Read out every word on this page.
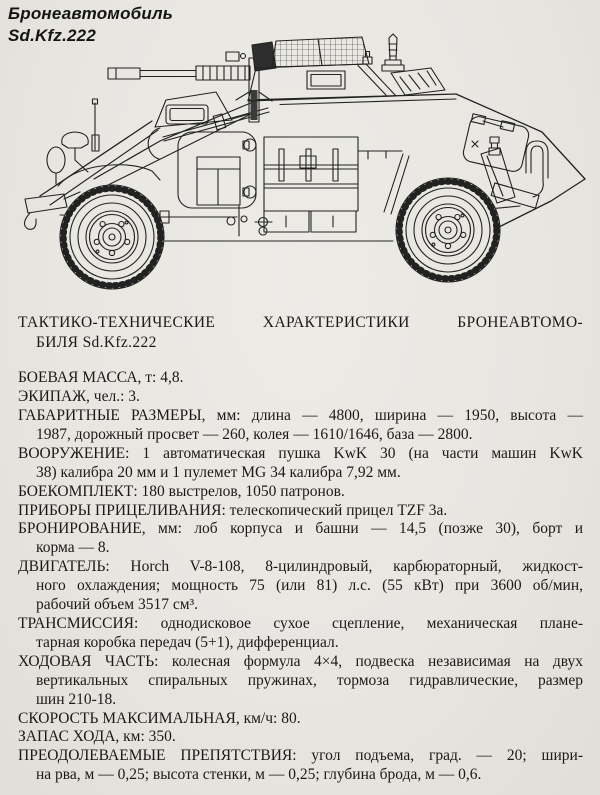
Бронеавтомобиль
Sd.Kfz.222
ТАКТИКО-ТЕХНИЧЕСКИЕ ХАРАКТЕРИСТИКИ БРОНЕАВТОМО-
БИЛЯ Sd.Kfz.222
БОЕВАЯ МАССА, т: 4,8.
ЭКИПАЖ, чел.: 3.
ГАБАРИТНЫЕ РАЗМЕРЫ, мм: длина — 4800, ширина — 1950, высота —
1987, дорожный просвет — 260, колея — 1610/1646, база — 2800.
ВООРУЖЕНИЕ: 1 автоматическая пушка KwK 30 (на части машин KwK
38) калибра 20 мм и 1 пулемет MG 34 калибра 7,92 мм.
БОЕКОМПЛЕКТ: 180 выстрелов, 1050 патронов.
ПРИБОРЫ ПРИЦЕЛИВАНИЯ: телескопический прицел TZF 3a.
БРОНИРОВАНИЕ, мм: лоб корпуса и башни — 14,5 (позже 30), борт и
корма — 8.
ДВИГАТЕЛЬ: Horch V-8-108, 8-цилиндровый, карбюраторный, жидкост-
ного охлаждения; мощность 75 (или 81) л.с. (55 кВт) при 3600 об/мин,
рабочий объем 3517 см³.
ТРАНСМИССИЯ: однодисковое сухое сцепление, механическая плане-
тарная коробка передач (5+1), дифференциал.
ХОДОВАЯ ЧАСТЬ: колесная формула 4×4, подвеска независимая на двух
вертикальных спиральных пружинах, тормоза гидравлические, размер
шин 210-18.
СКОРОСТЬ МАКСИМАЛЬНАЯ, км/ч: 80.
ЗАПАС ХОДА, км: 350.
ПРЕОДОЛЕВАЕМЫЕ ПРЕПЯТСТВИЯ: угол подъема, град. — 20; шири-
на рва, м — 0,25; высота стенки, м — 0,25; глубина брода, м — 0,6.
